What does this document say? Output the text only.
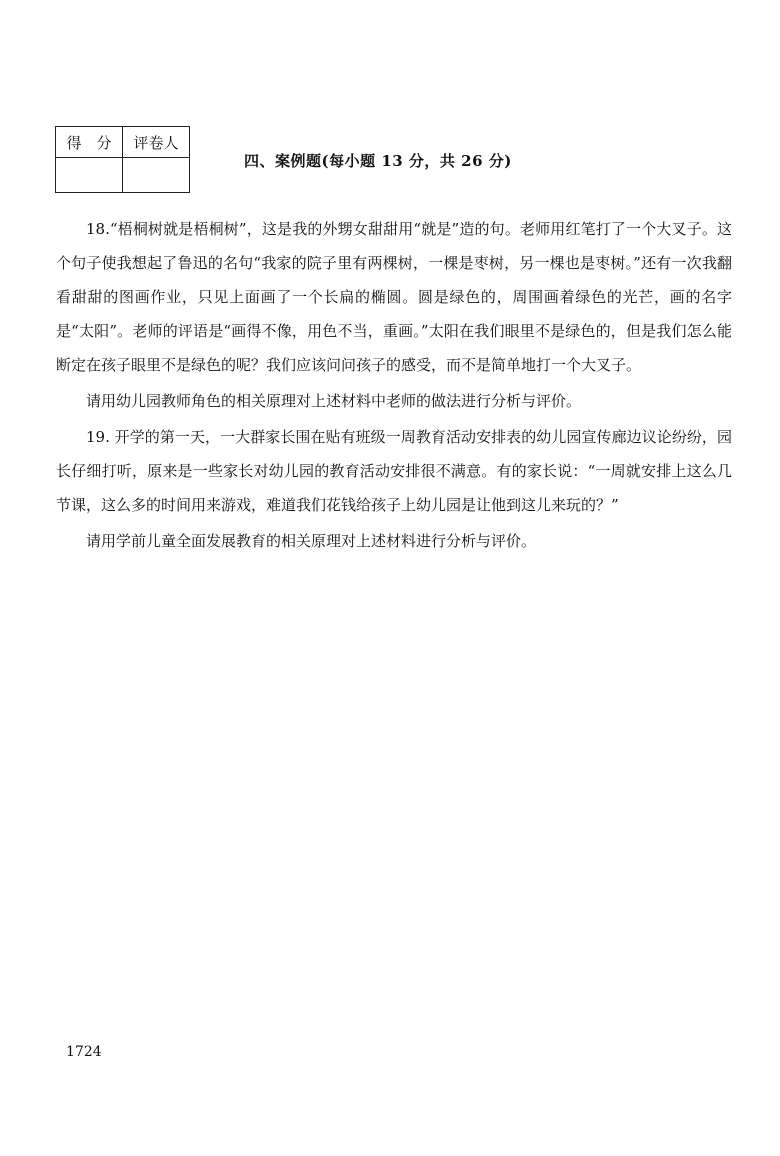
得　分	评卷人

四、案例题(每小题 13 分，共 26 分)

18.“梧桐树就是梧桐树”，这是我的外甥女甜甜用“就是”造的句。老师用红笔打了一个大叉子。这个句子使我想起了鲁迅的名句“我家的院子里有两棵树，一棵是枣树，另一棵也是枣树。”还有一次我翻看甜甜的图画作业，只见上面画了一个长扁的椭圆。圆是绿色的，周围画着绿色的光芒，画的名字是“太阳”。老师的评语是“画得不像，用色不当，重画。”太阳在我们眼里不是绿色的，但是我们怎么能断定在孩子眼里不是绿色的呢？我们应该问问孩子的感受，而不是简单地打一个大叉子。

请用幼儿园教师角色的相关原理对上述材料中老师的做法进行分析与评价。

19. 开学的第一天，一大群家长围在贴有班级一周教育活动安排表的幼儿园宣传廊边议论纷纷，园长仔细打听，原来是一些家长对幼儿园的教育活动安排很不满意。有的家长说：“一周就安排上这么几节课，这么多的时间用来游戏，难道我们花钱给孩子上幼儿园是让他到这儿来玩的？”

请用学前儿童全面发展教育的相关原理对上述材料进行分析与评价。

1724
